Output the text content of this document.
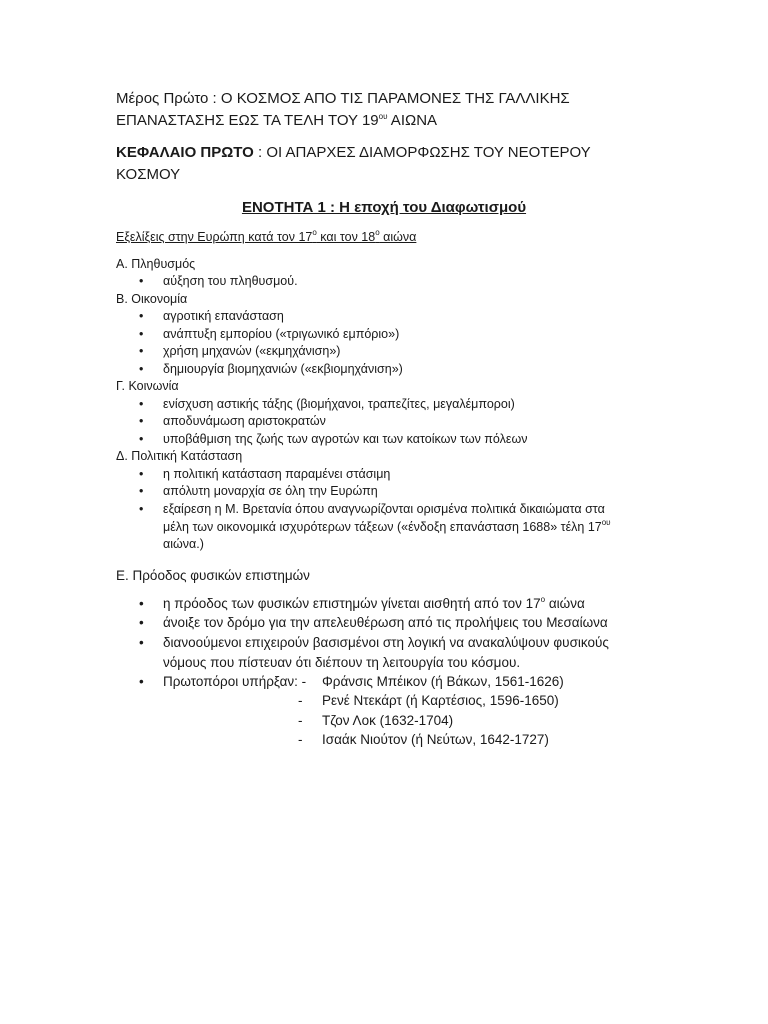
Μέρος Πρώτο : Ο ΚΟΣΜΟΣ ΑΠΟ ΤΙΣ ΠΑΡΑΜΟΝΕΣ ΤΗΣ ΓΑΛΛΙΚΗΣ
ΕΠΑΝΑΣΤΑΣΗΣ ΕΩΣ ΤΑ ΤΕΛΗ ΤΟΥ $19^{o\upsilon}$ ΑΙΩΝΑ
ΚΕΦΑΛΑΙΟ ΠΡΩΤΟ : ΟΙ ΑΠΑΡΧΕΣ ΔΙΑΜΟΡΦΩΣΗΣ ΤΟΥ ΝΕΟΤΕΡΟΥ
ΚΟΣΜΟΥ
ΕΝΟΤΗΤΑ 1 : Η εποχή του Διαφωτισμού
Εξελίξεις στην Ευρώπη κατά τον $17^o$ και τον $18^o$ αιώνα
Α. Πληθυσμός
•	αύξηση του πληθυσμού.
Β. Οικονομία
•	αγροτική επανάσταση
•	ανάπτυξη εμπορίου («τριγωνικό εμπόριο»)
•	χρήση μηχανών («εκμηχάνιση»)
•	δημιουργία βιομηχανιών («εκβιομηχάνιση»)
Γ. Κοινωνία
•	ενίσχυση αστικής τάξης (βιομήχανοι, τραπεζίτες, μεγαλέμποροι)
•	αποδυνάμωση αριστοκρατών
•	υποβάθμιση της ζωής των αγροτών και των κατοίκων των πόλεων
Δ. Πολιτική Κατάσταση
•	η πολιτική κατάσταση παραμένει στάσιμη
•	απόλυτη μοναρχία σε όλη την Ευρώπη
•	εξαίρεση η Μ. Βρετανία όπου αναγνωρίζονται ορισμένα πολιτικά δικαιώματα στα
μέλη των οικονομικά ισχυρότερων τάξεων («ένδοξη επανάσταση 1688» τέλη $17^{o\upsilon}$
αιώνα.)
Ε. Πρόοδος φυσικών επιστημών
•	η πρόοδος των φυσικών επιστημών γίνεται αισθητή από τον $17^o$ αιώνα
•	άνοιξε τον δρόμο για την απελευθέρωση από τις προλήψεις του Μεσαίωνα
•	διανοούμενοι επιχειρούν βασισμένοι στη λογική να ανακαλύψουν φυσικούς
νόμους που πίστευαν ότι διέπουν τη λειτουργία του κόσμου.
•	Πρωτοπόροι υπήρξαν: -	Φράνσις Μπέικον (ή Βάκων, 1561-1626)
- Ρενέ Ντεκάρτ (ή Καρτέσιος, 1596-1650)
- Τζον Λοκ (1632-1704)
- Ισαάκ Νιούτον (ή Νεύτων, 1642-1727)
